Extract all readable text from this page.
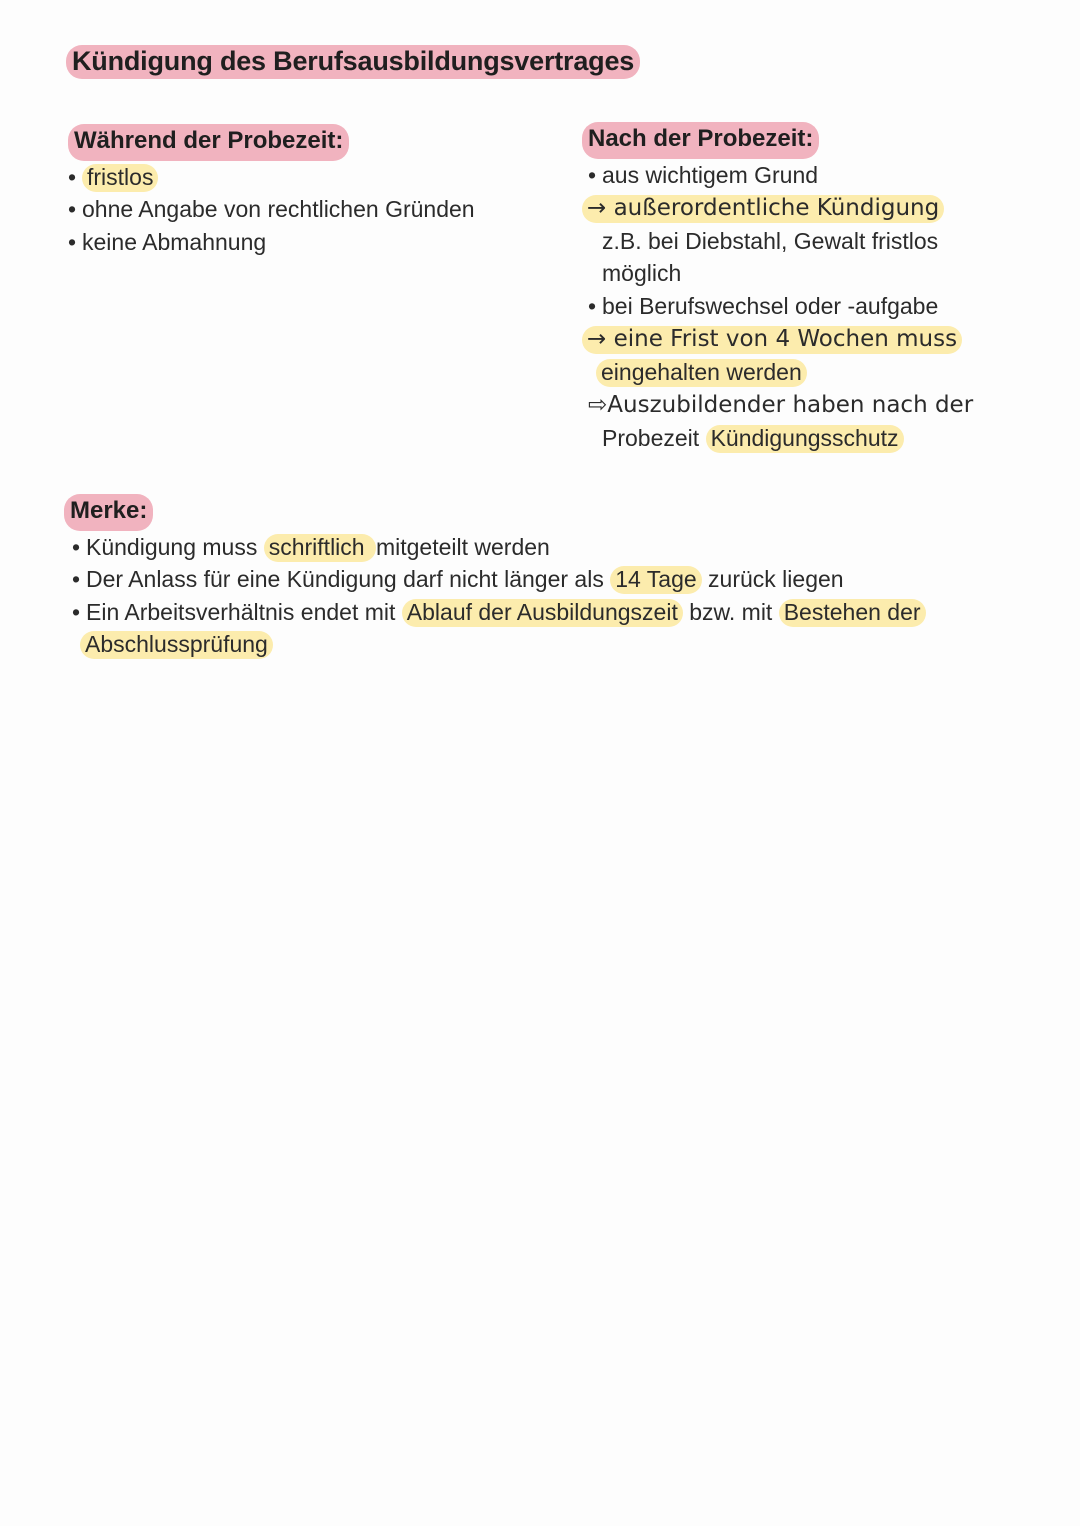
Kündigung des Berufsausbildungsvertrages
Während der Probezeit:
• fristlos
• ohne Angabe von rechtlichen Gründen
• keine Abmahnung
Nach der Probezeit:
• aus wichtigem Grund
→ außerordentliche Kündigung
z.B. bei Diebstahl, Gewalt fristlos
möglich
• bei Berufswechsel oder -aufgabe
→ eine Frist von 4 Wochen muss
eingehalten werden
⇨Auszubildender haben nach der
Probezeit Kündigungsschutz
Merke:
• Kündigung muss schriftlich mitgeteilt werden
• Der Anlass für eine Kündigung darf nicht länger als 14 Tage zurück liegen
• Ein Arbeitsverhältnis endet mit Ablauf der Ausbildungszeit bzw. mit Bestehen der
Abschlussprüfung
